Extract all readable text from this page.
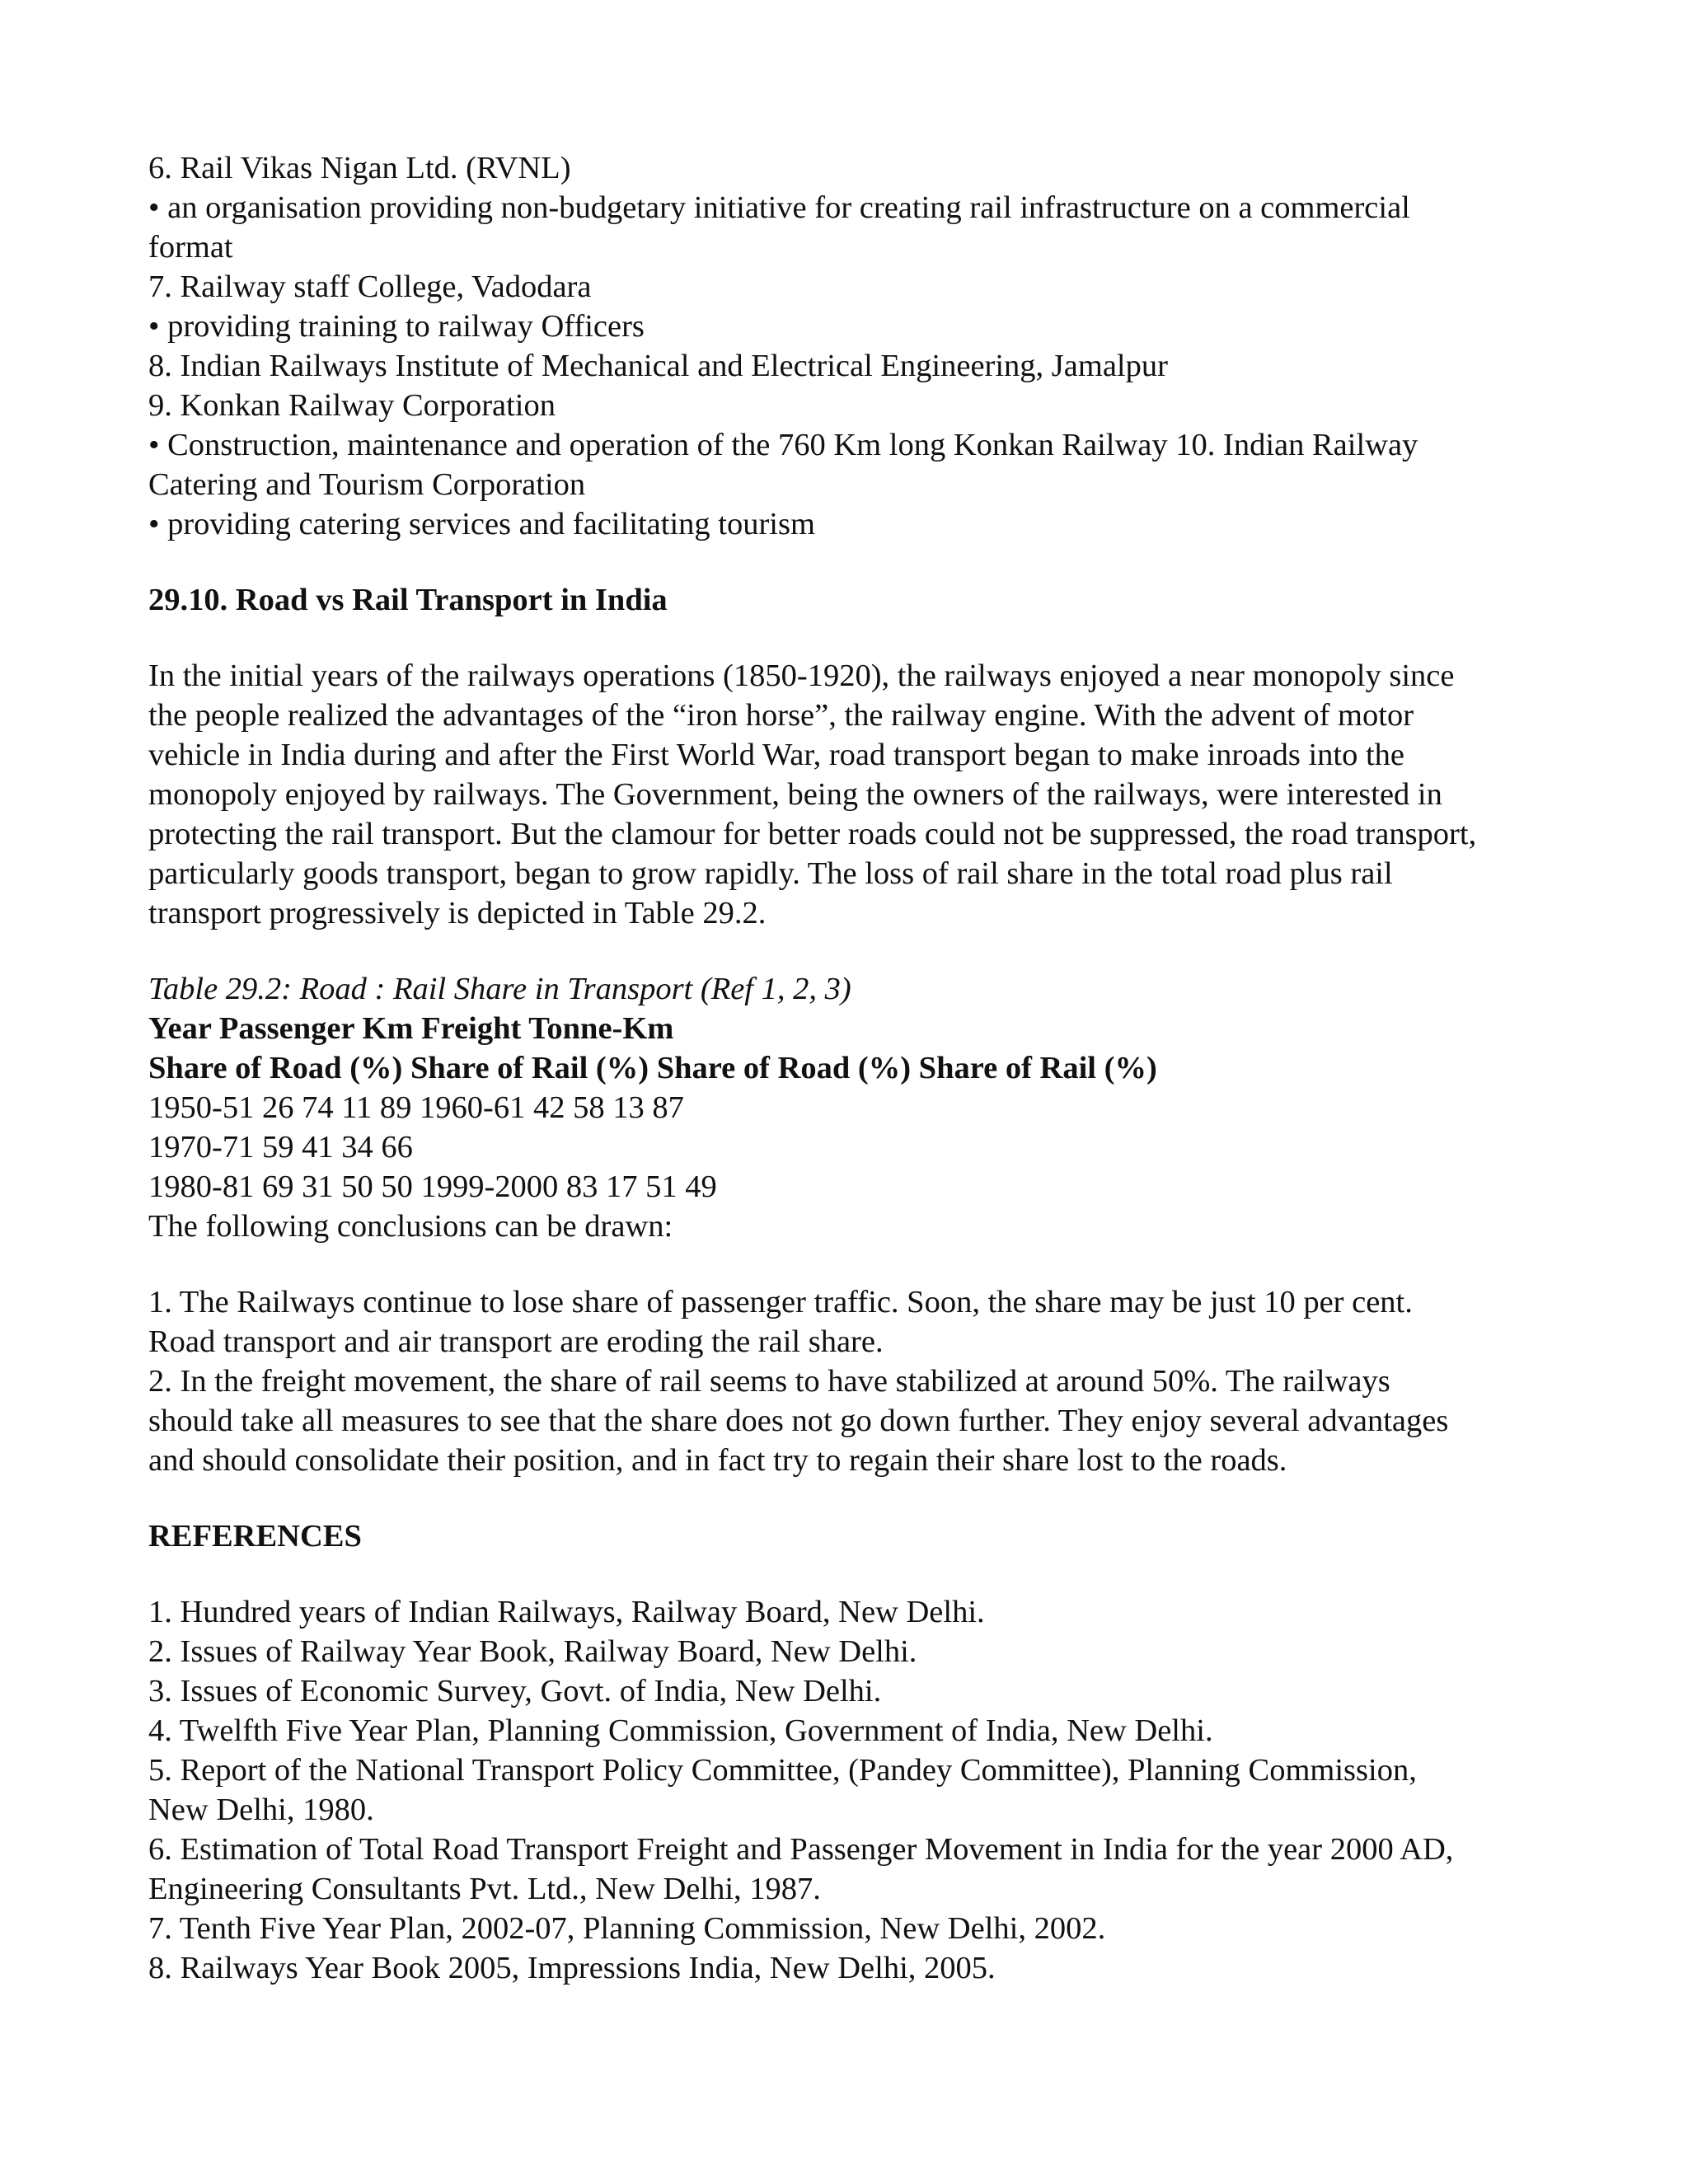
6. Rail Vikas Nigan Ltd. (RVNL)
• an organisation providing non-budgetary initiative for creating rail infrastructure on a commercial
format
7. Railway staff College, Vadodara
• providing training to railway Officers
8. Indian Railways Institute of Mechanical and Electrical Engineering, Jamalpur
9. Konkan Railway Corporation
• Construction, maintenance and operation of the 760 Km long Konkan Railway 10. Indian Railway
Catering and Tourism Corporation
• providing catering services and facilitating tourism
29.10. Road vs Rail Transport in India
In the initial years of the railways operations (1850-1920), the railways enjoyed a near monopoly since
the people realized the advantages of the “iron horse”, the railway engine. With the advent of motor
vehicle in India during and after the First World War, road transport began to make inroads into the
monopoly enjoyed by railways. The Government, being the owners of the railways, were interested in
protecting the rail transport. But the clamour for better roads could not be suppressed, the road transport,
particularly goods transport, began to grow rapidly. The loss of rail share in the total road plus rail
transport progressively is depicted in Table 29.2.
Table 29.2: Road : Rail Share in Transport (Ref 1, 2, 3)
Year Passenger Km Freight Tonne-Km
Share of Road (%) Share of Rail (%) Share of Road (%) Share of Rail (%)
1950-51 26 74 11 89 1960-61 42 58 13 87
1970-71 59 41 34 66
1980-81 69 31 50 50 1999-2000 83 17 51 49
The following conclusions can be drawn:
1. The Railways continue to lose share of passenger traffic. Soon, the share may be just 10 per cent.
Road transport and air transport are eroding the rail share.
2. In the freight movement, the share of rail seems to have stabilized at around 50%. The railways
should take all measures to see that the share does not go down further. They enjoy several advantages
and should consolidate their position, and in fact try to regain their share lost to the roads.
REFERENCES
1. Hundred years of Indian Railways, Railway Board, New Delhi.
2. Issues of Railway Year Book, Railway Board, New Delhi.
3. Issues of Economic Survey, Govt. of India, New Delhi.
4. Twelfth Five Year Plan, Planning Commission, Government of India, New Delhi.
5. Report of the National Transport Policy Committee, (Pandey Committee), Planning Commission,
New Delhi, 1980.
6. Estimation of Total Road Transport Freight and Passenger Movement in India for the year 2000 AD,
Engineering Consultants Pvt. Ltd., New Delhi, 1987.
7. Tenth Five Year Plan, 2002-07, Planning Commission, New Delhi, 2002.
8. Railways Year Book 2005, Impressions India, New Delhi, 2005.
